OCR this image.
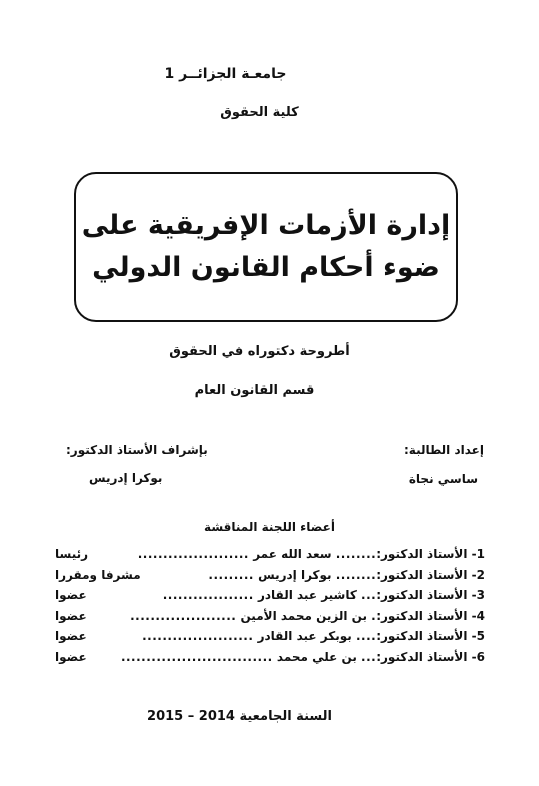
جامعـة الجزائــر 1
كلية الحقوق
إدارة الأزمات الإفريقية على
ضوء أحكام القانون الدولي
أطروحة دكتوراه في الحقوق
قسم القانون العام
إعداد الطالبة:
ساسي نجاة
بإشراف الأستاذ الدكتور:
بوكرا إدريس
أعضاء اللجنة المناقشة
1-

الأستاذ الدكتور:
........

سعد الله عمر

......................
رئيسا
2-

الأستاذ الدكتور:
........

بوكرا إدريس

.........
مشرفا ومقررا
3-

الأستاذ الدكتور:
...

كاشير عبد القادر

..................
عضوا
4-

الأستاذ الدكتور:
.

بن الزين محمد الأمين

.....................
عضوا
5-

الأستاذ الدكتور:
....

بوبكر عبد القادر

......................
عضوا
6-

الأستاذ الدكتور:
...

بن علي محمد

..............................
عضوا
السنة الجامعية 2014 – 2015
